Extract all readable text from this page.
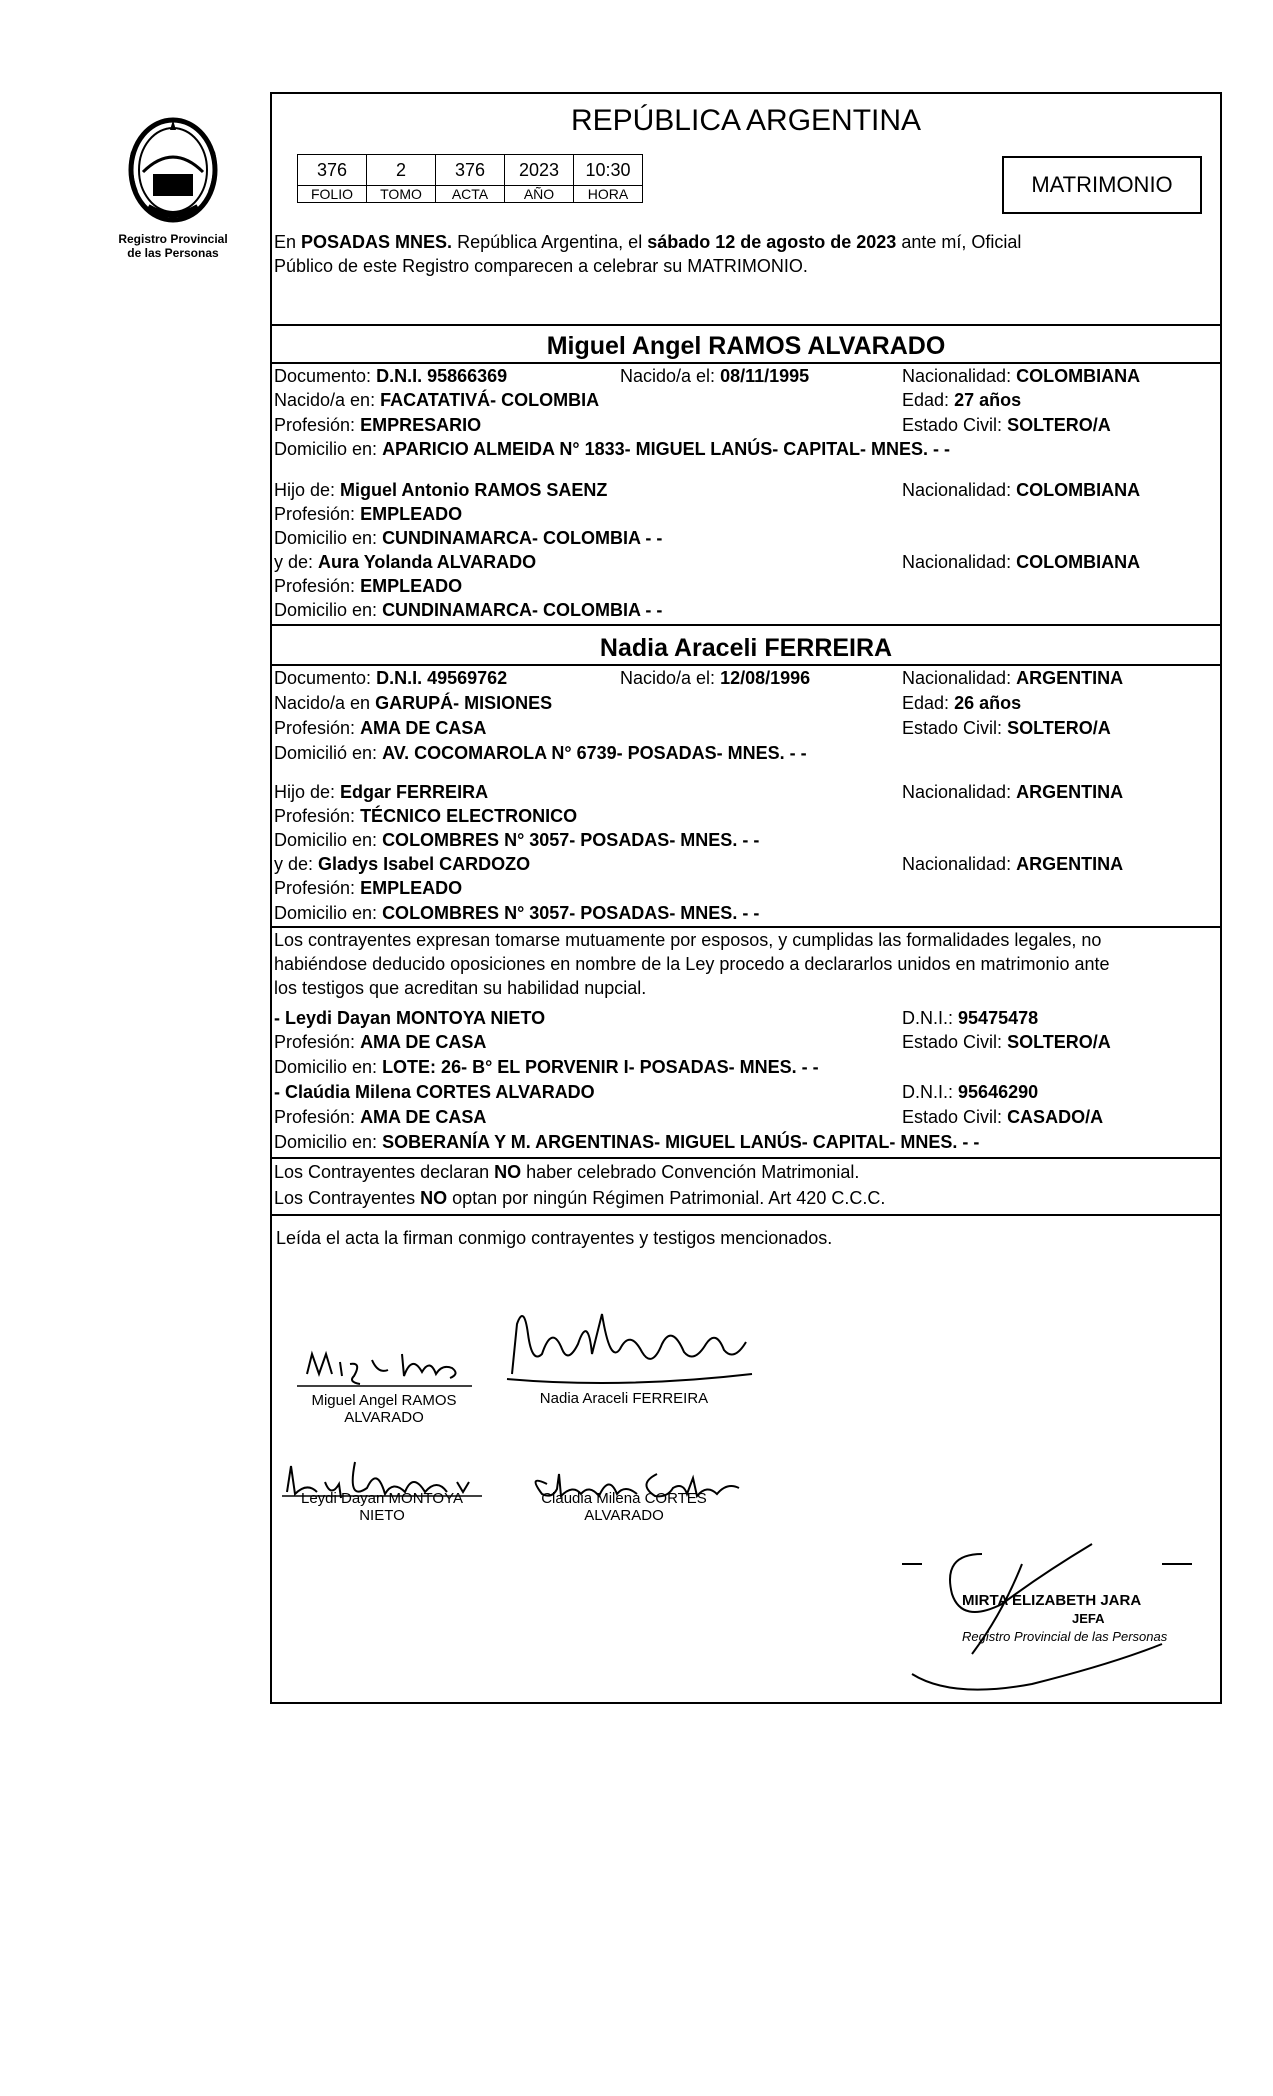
Registro Provincial
de las Personas
REPÚBLICA ARGENTINA
376	2	376	2023	10:30
FOLIO	TOMO	ACTA	AÑO	HORA	MATRIMONIO
En POSADAS MNES. República Argentina, el sábado 12 de agosto de 2023 ante mí, Oficial
Público de este Registro comparecen a celebrar su MATRIMONIO.
Miguel Angel RAMOS ALVARADO
Documento: D.N.I. 95866369	Nacido/a el: 08/11/1995	Nacionalidad: COLOMBIANA
Nacido/a en: FACATATIVÁ- COLOMBIA	Edad: 27 años
Profesión: EMPRESARIO	Estado Civil: SOLTERO/A
Domicilio en: APARICIO ALMEIDA N° 1833- MIGUEL LANÚS- CAPITAL- MNES. - -
Hijo de: Miguel Antonio RAMOS SAENZ	Nacionalidad: COLOMBIANA
Profesión: EMPLEADO
Domicilio en: CUNDINAMARCA- COLOMBIA - -
y de: Aura Yolanda ALVARADO	Nacionalidad: COLOMBIANA
Profesión: EMPLEADO
Domicilio en: CUNDINAMARCA- COLOMBIA - -
Nadia Araceli FERREIRA
Documento: D.N.I. 49569762	Nacido/a el: 12/08/1996	Nacionalidad: ARGENTINA
Nacido/a en GARUPÁ- MISIONES	Edad: 26 años
Profesión: AMA DE CASA	Estado Civil: SOLTERO/A
Domicilió en: AV. COCOMAROLA N° 6739- POSADAS- MNES. - -
Hijo de: Edgar FERREIRA	Nacionalidad: ARGENTINA
Profesión: TÉCNICO ELECTRONICO
Domicilio en: COLOMBRES N° 3057- POSADAS- MNES. - -
y de: Gladys Isabel CARDOZO	Nacionalidad: ARGENTINA
Profesión: EMPLEADO
Domicilio en: COLOMBRES N° 3057- POSADAS- MNES. - -
Los contrayentes expresan tomarse mutuamente por esposos, y cumplidas las formalidades legales, no
habiéndose deducido oposiciones en nombre de la Ley procedo a declararlos unidos en matrimonio ante
los testigos que acreditan su habilidad nupcial.
- Leydi Dayan MONTOYA NIETO	D.N.I.: 95475478
Profesión: AMA DE CASA	Estado Civil: SOLTERO/A
Domicilio en: LOTE: 26- B° EL PORVENIR I- POSADAS- MNES. - -
- Claúdia Milena CORTES ALVARADO	D.N.I.: 95646290
Profesión: AMA DE CASA	Estado Civil: CASADO/A
Domicilio en: SOBERANÍA Y M. ARGENTINAS- MIGUEL LANÚS- CAPITAL- MNES. - -
Los Contrayentes declaran NO haber celebrado Convención Matrimonial.
Los Contrayentes NO optan por ningún Régimen Patrimonial. Art 420 C.C.C.
Leída el acta la firman conmigo contrayentes y testigos mencionados.
Miguel Angel RAMOS
ALVARADO
Nadia Araceli FERREIRA
Leydi Dayan MONTOYA
NIETO
Claudia Milena CORTES
ALVARADO
MIRTA ELIZABETH JARA
JEFA
Registro Provincial de las Personas
